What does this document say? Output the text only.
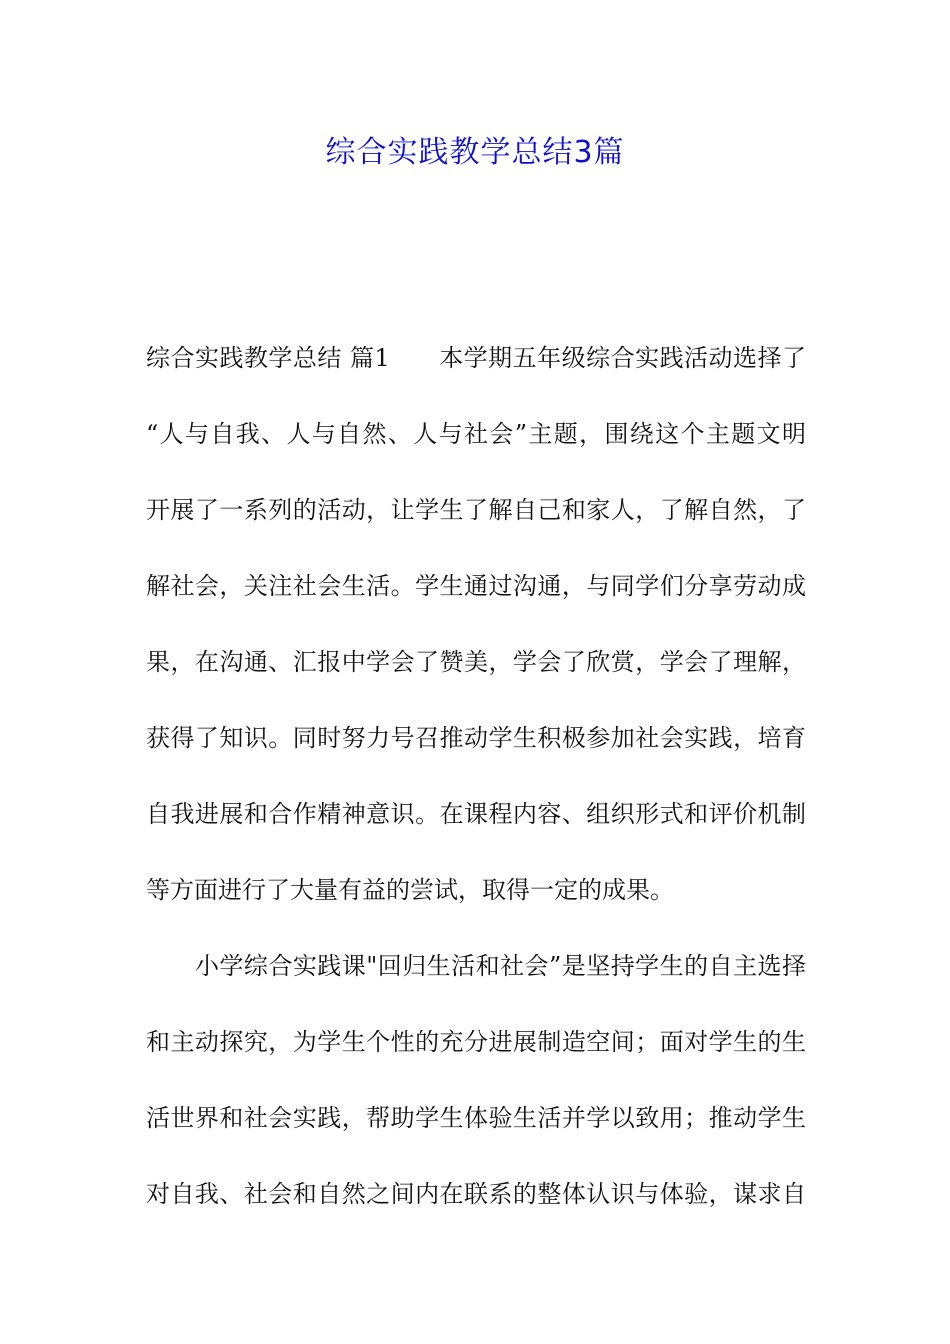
综合实践教学总结3篇
综合实践教学总结 篇1　　本学期五年级综合实践活动选择了
“人与自我、人与自然、人与社会”主题，围绕这个主题文明
开展了一系列的活动，让学生了解自己和家人，了解自然，了
解社会，关注社会生活。学生通过沟通，与同学们分享劳动成
果，在沟通、汇报中学会了赞美，学会了欣赏，学会了理解，
获得了知识。同时努力号召推动学生积极参加社会实践，培育
自我进展和合作精神意识。在课程内容、组织形式和评价机制
等方面进行了大量有益的尝试，取得一定的成果。
　　小学综合实践课"回归生活和社会”是坚持学生的自主选择
和主动探究，为学生个性的充分进展制造空间；面对学生的生
活世界和社会实践，帮助学生体验生活并学以致用；推动学生
对自我、社会和自然之间内在联系的整体认识与体验，谋求自
